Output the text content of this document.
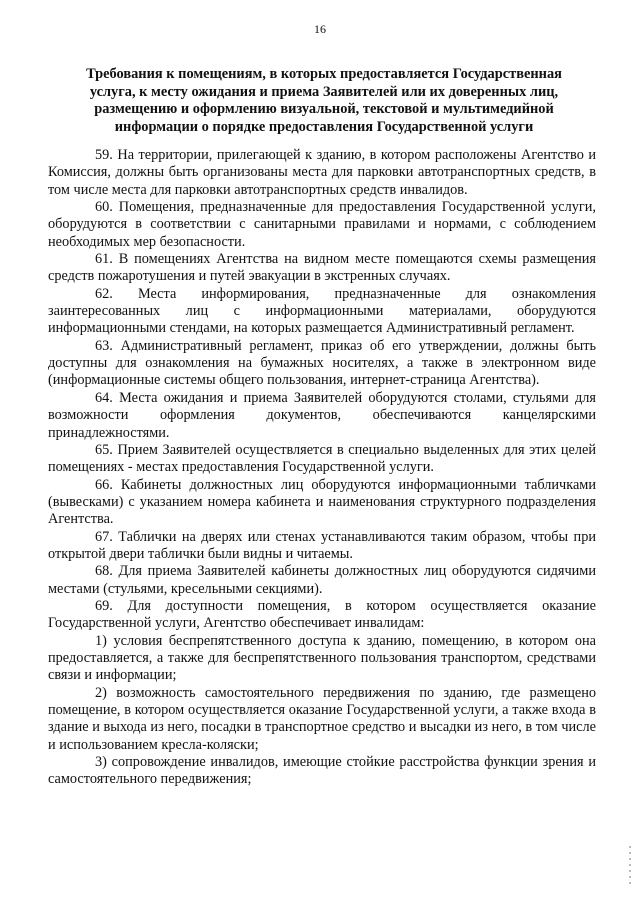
16
Требования к помещениям, в которых предоставляется Государственная услуга, к месту ожидания и приема Заявителей или их доверенных лиц, размещению и оформлению визуальной, текстовой и мультимедийной информации о порядке предоставления Государственной услуги

59. На территории, прилегающей к зданию, в котором расположены Агентство и Комиссия, должны быть организованы места для парковки автотранспортных средств, в том числе места для парковки автотранспортных средств инвалидов.

60. Помещения, предназначенные для предоставления Государственной услуги, оборудуются в соответствии с санитарными правилами и нормами, с соблюдением необходимых мер безопасности.

61. В помещениях Агентства на видном месте помещаются схемы размещения средств пожаротушения и путей эвакуации в экстренных случаях.

62. Места информирования, предназначенные для ознакомления заинтересованных лиц с информационными материалами, оборудуются информационными стендами, на которых размещается Административный регламент.

63. Административный регламент, приказ об его утверждении, должны быть доступны для ознакомления на бумажных носителях, а также в электронном виде (информационные системы общего пользования, интернет-страница Агентства).

64. Места ожидания и приема Заявителей оборудуются столами, стульями для возможности оформления документов, обеспечиваются канцелярскими принадлежностями.

65. Прием Заявителей осуществляется в специально выделенных для этих целей помещениях - местах предоставления Государственной услуги.

66. Кабинеты должностных лиц оборудуются информационными табличками (вывесками) с указанием номера кабинета и наименования структурного подразделения Агентства.

67. Таблички на дверях или стенах устанавливаются таким образом, чтобы при открытой двери таблички были видны и читаемы.

68. Для приема Заявителей кабинеты должностных лиц оборудуются сидячими местами (стульями, кресельными секциями).

69. Для доступности помещения, в котором осуществляется оказание Государственной услуги, Агентство обеспечивает инвалидам:

1) условия беспрепятственного доступа к зданию, помещению, в котором она предоставляется, а также для беспрепятственного пользования транспортом, средствами связи и информации;

2) возможность самостоятельного передвижения по зданию, где размещено помещение, в котором осуществляется оказание Государственной услуги, а также входа в здание и выхода из него, посадки в транспортное средство и высадки из него, в том числе и использованием кресла-коляски;

3) сопровождение инвалидов, имеющие стойкие расстройства функции зрения и самостоятельного передвижения;
